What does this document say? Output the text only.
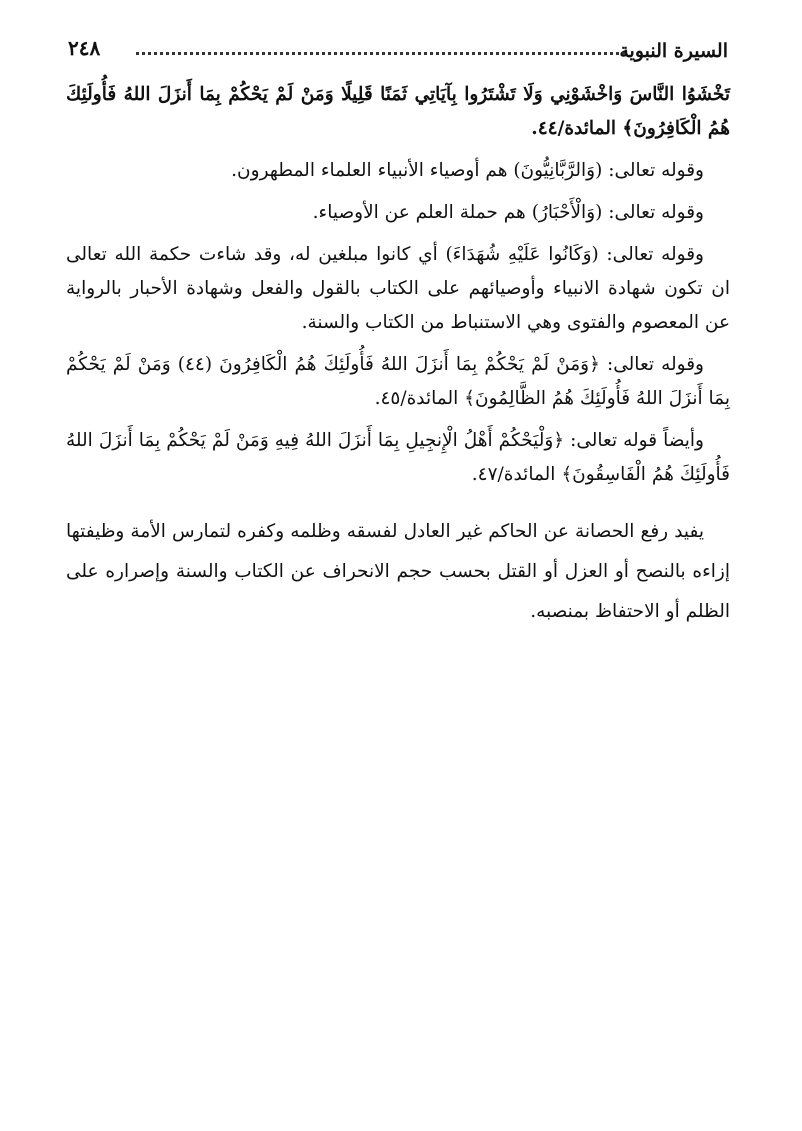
السيرة النبوية
٢٤٨

تَخْشَوُا النَّاسَ وَاخْشَوْنِي وَلَا تَشْتَرُوا بِآيَاتِي ثَمَنًا قَلِيلًا وَمَنْ لَمْ يَحْكُمْ بِمَا أَنزَلَ اللهُ فَأُولَئِكَ هُمُ الْكَافِرُونَ﴾ المائدة/٤٤.

وقوله تعالى: (وَالرَّبَّانِيُّونَ) هم أوصياء الأنبياء العلماء المطهرون.

وقوله تعالى: (وَالْأَحْبَارُ) هم حملة العلم عن الأوصياء.

وقوله تعالى: (وَكَانُوا عَلَيْهِ شُهَدَاءَ) أي كانوا مبلغين له، وقد شاءت حكمة الله تعالى ان تكون شهادة الانبياء وأوصيائهم على الكتاب بالقول والفعل وشهادة الأحبار بالرواية عن المعصوم والفتوى وهي الاستنباط من الكتاب والسنة.

وقوله تعالى: ﴿وَمَنْ لَمْ يَحْكُمْ بِمَا أَنزَلَ اللهُ فَأُولَئِكَ هُمُ الْكَافِرُونَ (٤٤) وَمَنْ لَمْ يَحْكُمْ بِمَا أَنزَلَ اللهُ فَأُولَئِكَ هُمُ الظَّالِمُونَ﴾ المائدة/٤٥.

وأيضاً قوله تعالى: ﴿وَلْيَحْكُمْ أَهْلُ الْإِنجِيلِ بِمَا أَنزَلَ اللهُ فِيهِ وَمَنْ لَمْ يَحْكُمْ بِمَا أَنزَلَ اللهُ فَأُولَئِكَ هُمُ الْفَاسِقُونَ﴾ المائدة/٤٧.

يفيد رفع الحصانة عن الحاكم غير العادل لفسقه وظلمه وكفره لتمارس الأمة وظيفتها إزاءه بالنصح أو العزل أو القتل بحسب حجم الانحراف عن الكتاب والسنة وإصراره على الظلم أو الاحتفاظ بمنصبه.
